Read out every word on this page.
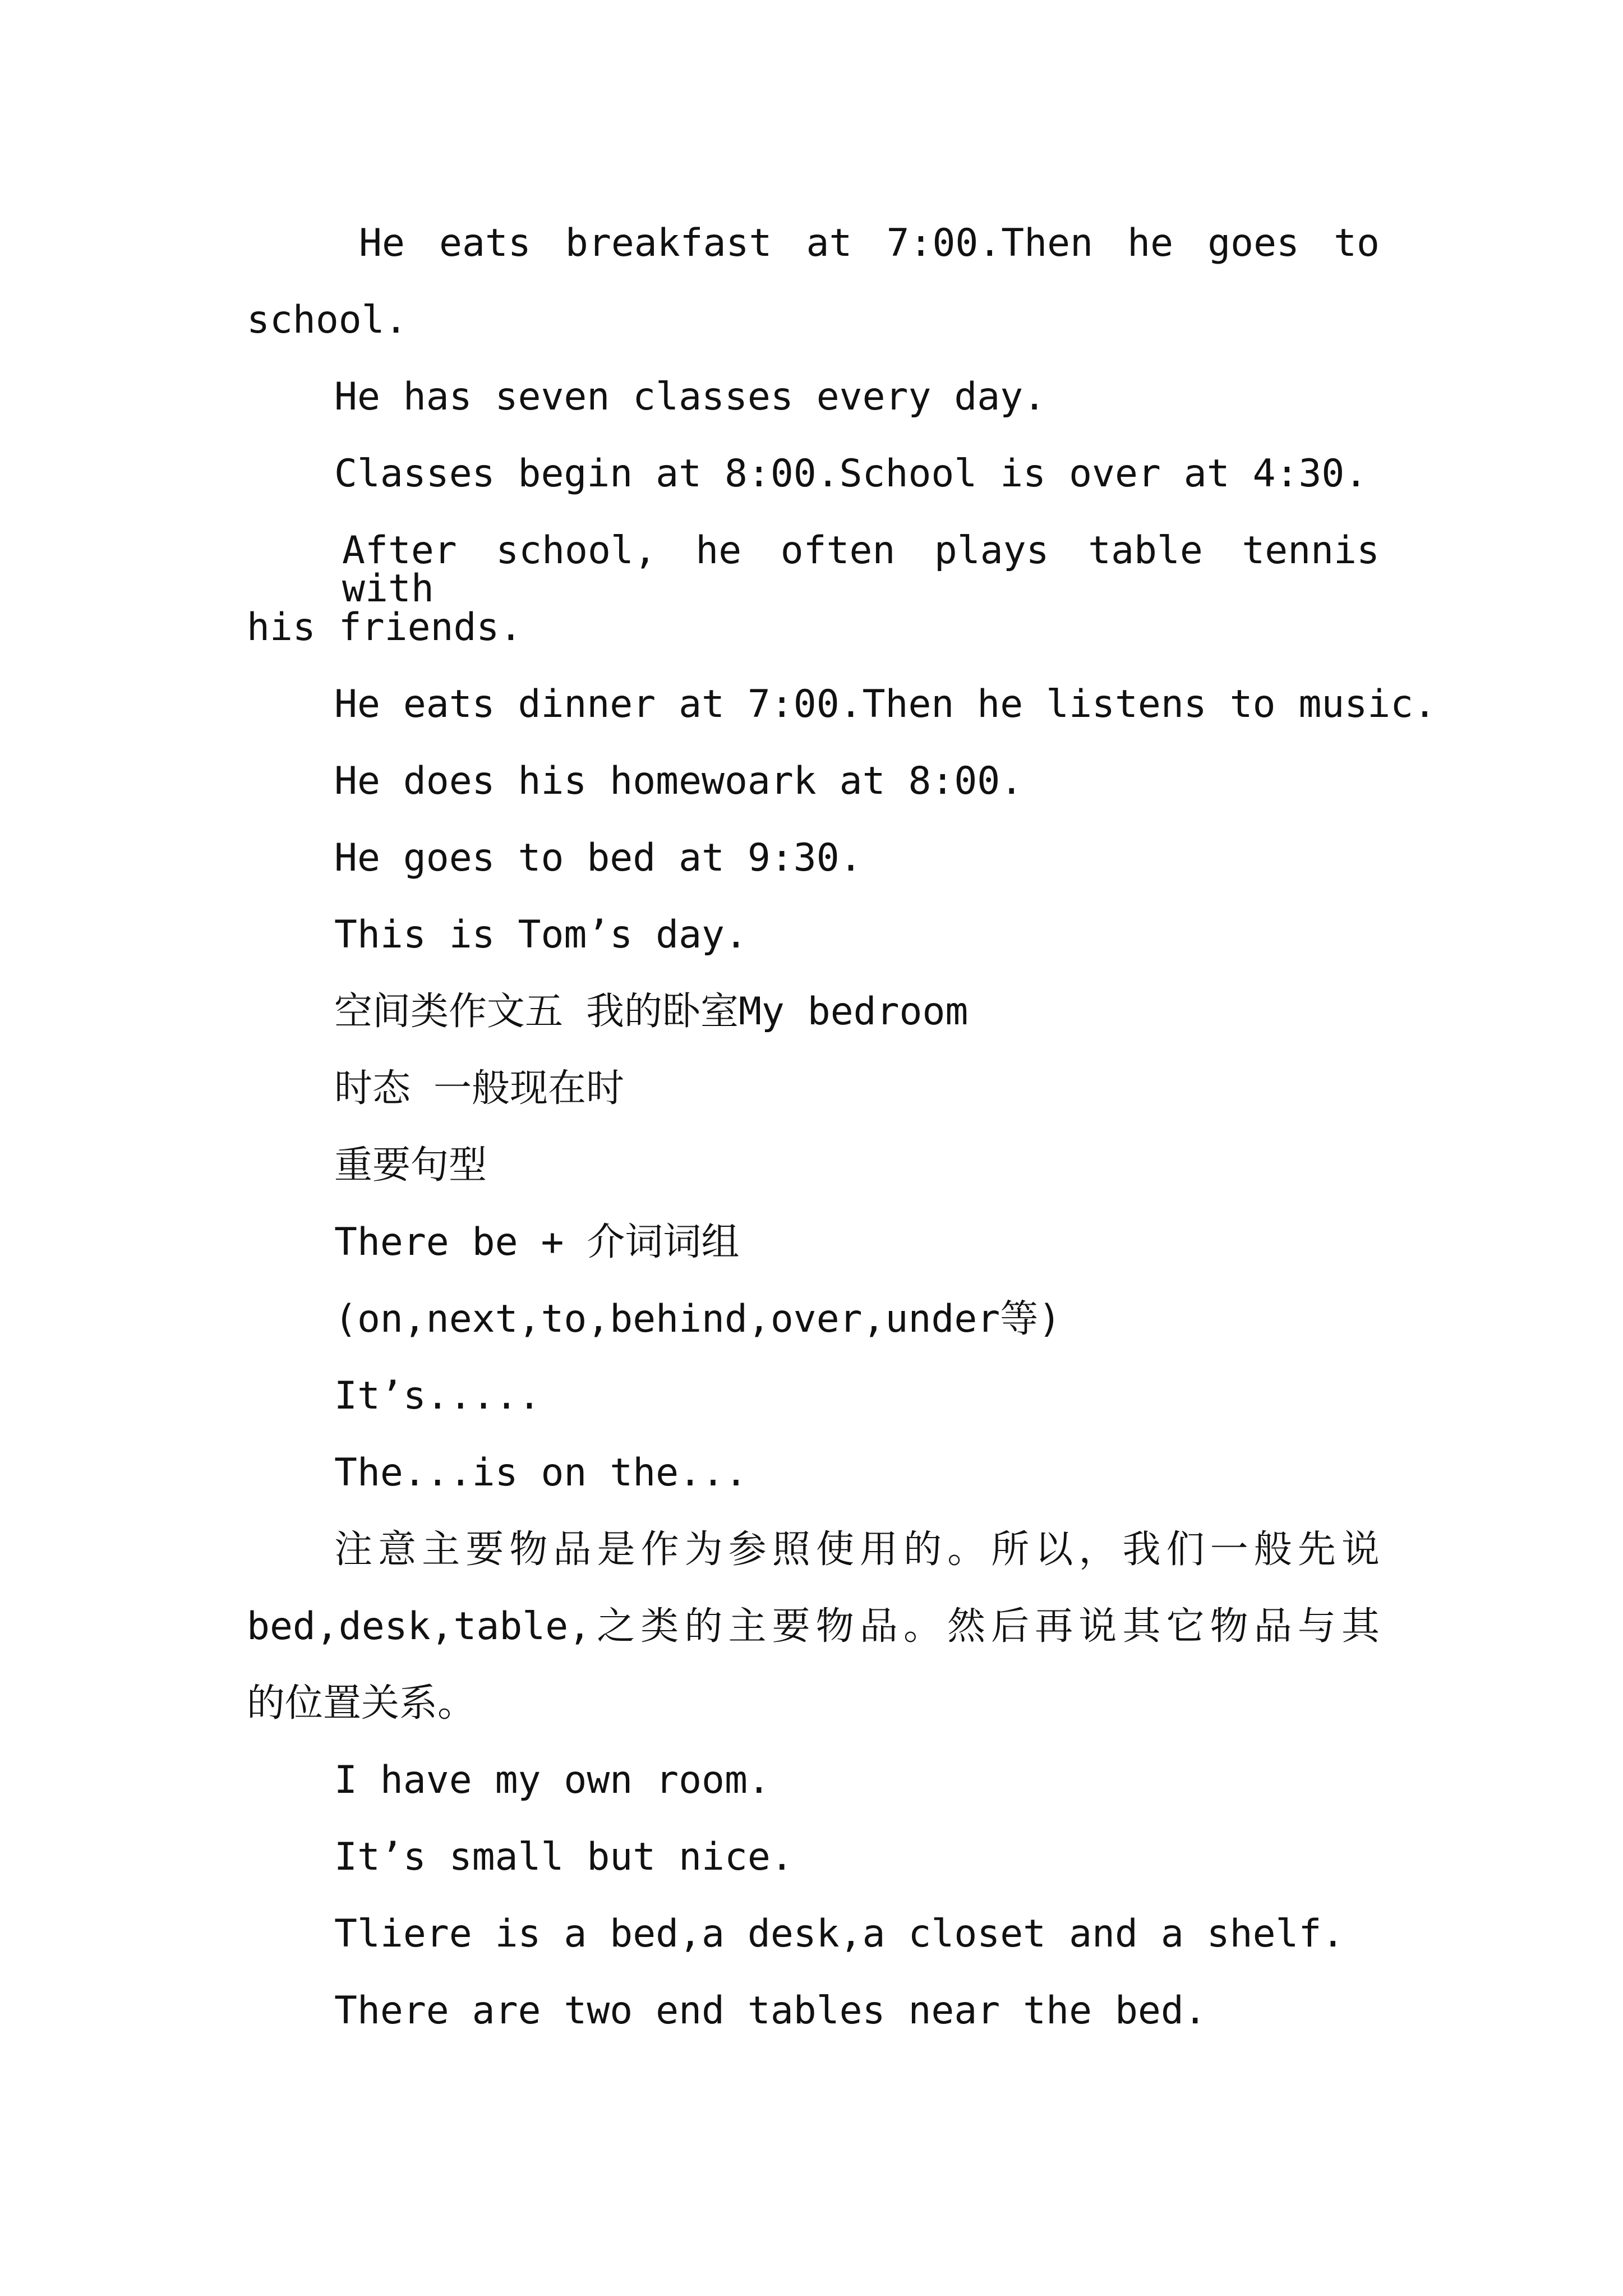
He eats breakfast at 7:00.Then he goes to
school.
He has seven classes every day.
Classes begin at 8:00.School is over at 4:30.
After school, he often plays table tennis with
his friends.
He eats dinner at 7:00.Then he listens to music.
He does his homewoark at 8:00.
He goes to bed at 9:30.
This is Tom’s day.
空间类作文五 我的卧室My bedroom
时态 一般现在时
重要句型
There be + 介词词组
(on,next,to,behind,over,under等)
It’s.....
The...is on the...
注意主要物品是作为参照使用的。所以，我们一般先说
bed,desk,table,之类的主要物品。然后再说其它物品与其
的位置关系。
I have my own room.
It’s small but nice.
Tliere is a bed,a desk,a closet and a shelf.
There are two end tables near the bed.
